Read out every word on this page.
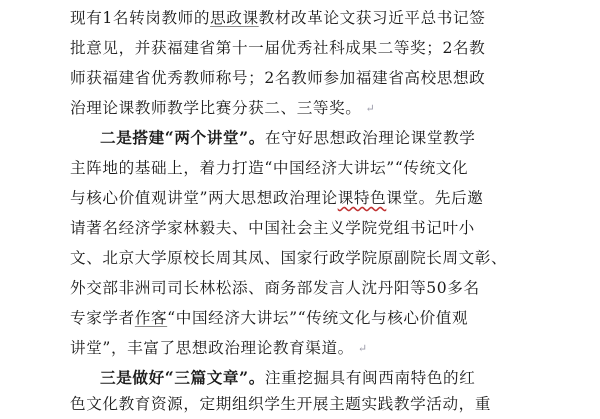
现有1名转岗教师的思政课教材改革论文获习近平总书记签
批意见，并获福建省第十一届优秀社科成果二等奖；2名教
师获福建省优秀教师称号；2名教师参加福建省高校思想政
治理论课教师教学比赛分获二、三等奖。 ↵
二是搭建“两个讲堂”。在守好思想政治理论课堂教学
主阵地的基础上，着力打造“中国经济大讲坛”“传统文化
与核心价值观讲堂”两大思想政治理论课特色课堂。先后邀
请著名经济学家林毅夫、中国社会主义学院党组书记叶小
文、北京大学原校长周其凤、国家行政学院原副院长周文彰、
外交部非洲司司长林松添、商务部发言人沈丹阳等50多名
专家学者作客“中国经济大讲坛”“传统文化与核心价值观
讲堂”，丰富了思想政治理论教育渠道。 ↵
三是做好“三篇文章”。注重挖掘具有闽西南特色的红
色文化教育资源，定期组织学生开展主题实践教学活动，重
